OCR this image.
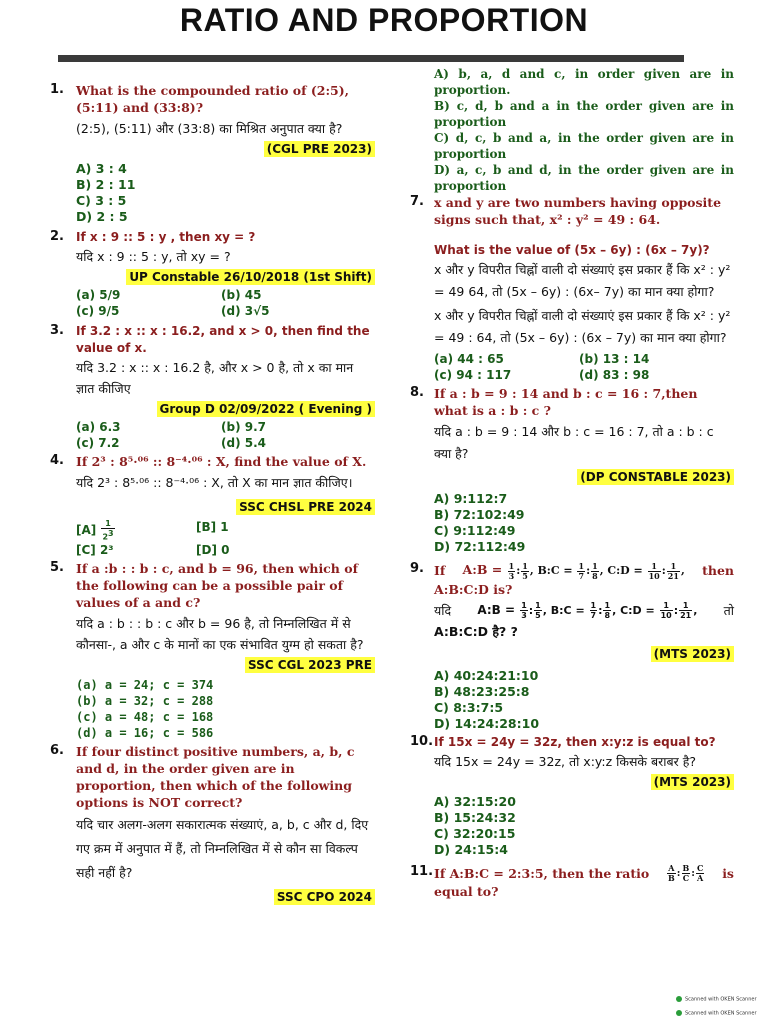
RATIO AND PROPORTION
1. What is the compounded ratio of (2:5), (5:11) and (33:8)?

(2:5), (5:11) और (33:8) का मिश्रित अनुपात क्या है?

(CGL PRE 2023)
A) 3 : 4
B) 2 : 11
C) 3 : 5
D) 2 : 5
2. If x : 9 :: 5 : y , then xy = ?

यदि x : 9 :: 5 : y, तो xy = ?

UP Constable 26/10/2018 (1st Shift)
(a) 5/9	(b) 45
(c) 9/5	(d) 3√5
3. If 3.2 : x :: x : 16.2, and x > 0, then find the value of x.

यदि 3.2 : x :: x : 16.2 है, और x > 0 है, तो x का मान ज्ञात कीजिए

Group D 02/09/2022 ( Evening )
(a) 6.3	(b) 9.7
(c) 7.2	(d) 5.4
4. If 2³ : 8⁵·⁰⁶ :: 8⁻⁴·⁰⁶ : X, find the value of X.

यदि 2³ : 8⁵·⁰⁶ :: 8⁻⁴·⁰⁶ : X, तो X का मान ज्ञात कीजिए।

SSC CHSL PRE 2024
$[A] \frac{1}{2^3}$	[B] 1
[C] 2³	[D] 0
5. If a :b : : b : c, and b = 96, then which of the following can be a possible pair of values of a and c?

यदि a : b : : b : c और b = 96 है, तो निम्नलिखित में से कौनसा-, a और c के मानों का एक संभावित युग्म हो सकता है?

SSC CGL 2023 PRE
(a) a = 24; c = 374
(b) a = 32; c = 288
(c) a = 48; c = 168
(d) a = 16; c = 586
6. If four distinct positive numbers, a, b, c and d, in the order given are in proportion, then which of the following options is NOT correct?

यदि चार अलग-अलग सकारात्मक संख्याएं, a, b, c और d, दिए गए क्रम में अनुपात में हैं, तो निम्नलिखित में से कौन सा विकल्प सही नहीं है?

SSC CPO 2024

A) b, a, d and c, in order given are in proportion.

B) c, d, b and a in the order given are in proportion

C) d, c, b and a, in the order given are in proportion

D) a, c, b and d, in the order given are in proportion

7. x and y are two numbers having opposite signs such that, x² : y² = 49 : 64.

What is the value of (5x – 6y) : (6x – 7y)?

x और y विपरीत चिह्नों वाली दो संख्याएं इस प्रकार हैं कि x² : y² = 49 64, तो (5x – 6y) : (6x– 7y) का मान क्या होगा?

x और y विपरीत चिह्नों वाली दो संख्याएं इस प्रकार हैं कि x² : y² = 49 : 64, तो (5x – 6y) : (6x – 7y) का मान क्या होगा?

(a) 44 : 65	(b) 13 : 14
(c) 94 : 117	(d) 83 : 98
8. If a : b = 9 : 14 and b : c = 16 : 7,then what is a : b : c ?

यदि a : b = 9 : 14 और b : c = 16 : 7, तो a : b : c क्या है?

(DP CONSTABLE 2023)
A) 9:112:7
B) 72:102:49
C) 9:112:49
D) 72:112:49
9. If A:B = $\frac{1}{3}$ : $\frac{1}{5}$ , B:C = $\frac{1}{7}$ : $\frac{1}{8}$ , C:D = $\frac{1}{10}$ : $\frac{1}{21}$ , then

A:B:C:D is?

यदि A:B = $\frac{1}{3}$ : $\frac{1}{5}$ , B:C = $\frac{1}{7}$ : $\frac{1}{8}$ , C:D = $\frac{1}{10}$ : $\frac{1}{21}$ , तो

A:B:C:D है? ?

(MTS 2023)
A) 40:24:21:10
B) 48:23:25:8
C) 8:3:7:5
D) 14:24:28:10
10. If 15x = 24y = 32z, then x:y:z is equal to?

यदि 15x = 24y = 32z, तो x:y:z किसके बराबर है?

(MTS 2023)
A) 32:15:20
B) 15:24:32
C) 32:20:15
D) 24:15:4
11. If A:B:C = 2:3:5, then the ratio $\frac{A}{B}$ : $\frac{B}{C}$ : $\frac{C}{A}$ is

equal to?

Scanned with OKEN Scanner
Scanned with OKEN Scanner
